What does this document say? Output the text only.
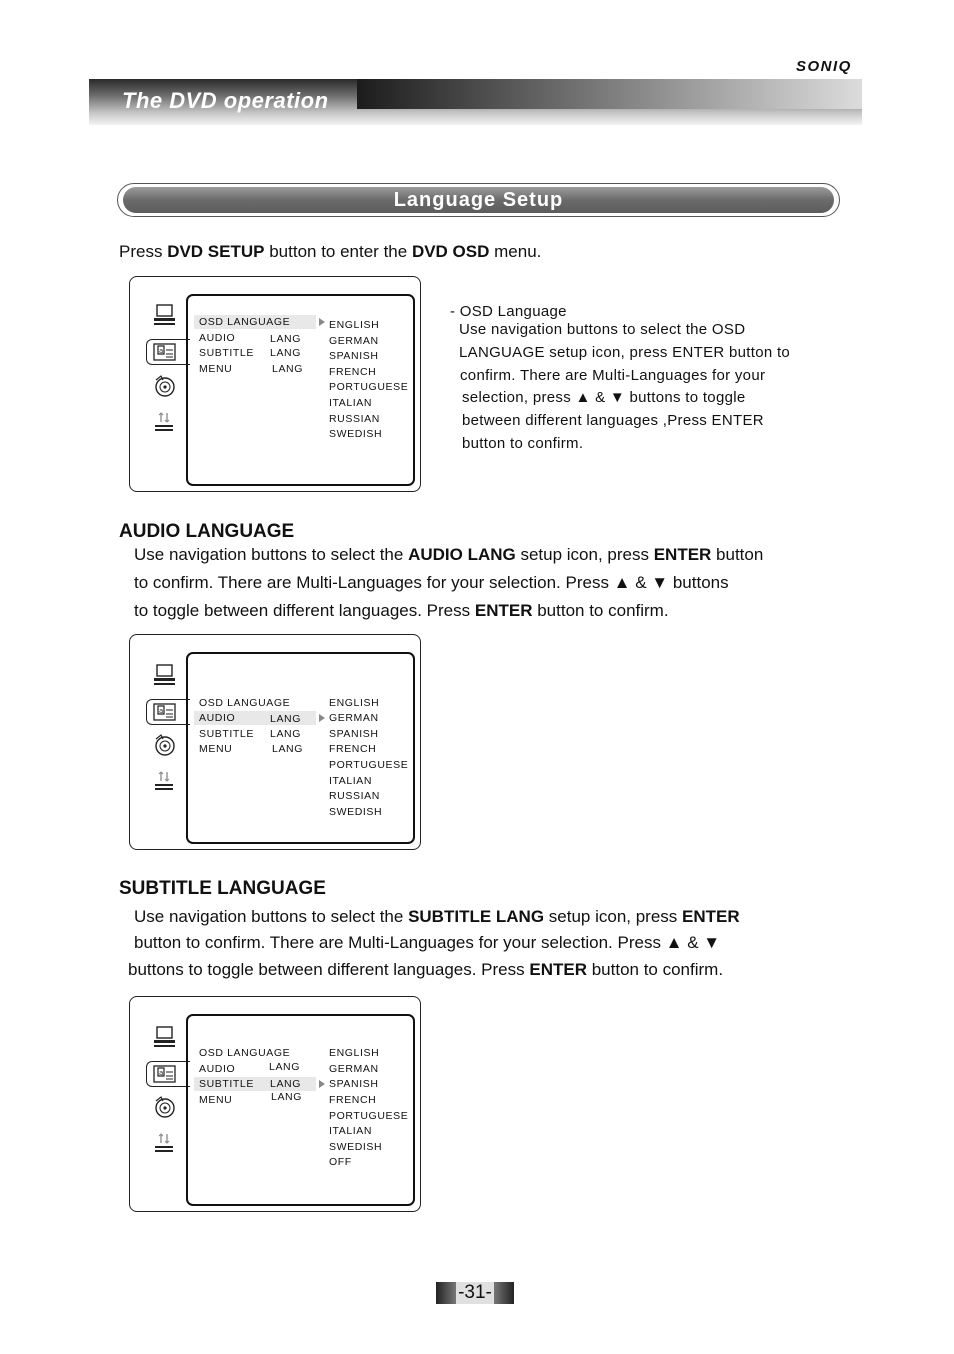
SONIQ
The DVD operation
Language Setup
Press DVD SETUP button to enter the DVD OSD menu.
a
OSD LANGUAGE
AUDIO	LANG
SUBTITLE LANG
MENU	LANG
ENGLISH
GERMAN
SPANISH
FRENCH
PORTUGUESE
ITALIAN
RUSSIAN
SWEDISH
- OSD Language
Use navigation buttons to select the OSD
LANGUAGE setup icon, press ENTER button to
confirm. There are Multi-Languages for your
selection, press ▲ & ▼ buttons to toggle
between different languages ,Press ENTER
button to confirm.
AUDIO LANGUAGE
Use navigation buttons to select the AUDIO LANG setup icon, press ENTER button
to confirm. There are Multi-Languages for your selection. Press ▲ & ▼ buttons
to toggle between different languages. Press ENTER button to confirm.
a
OSD LANGUAGE
AUDIO	LANG
SUBTITLE LANG
MENU	LANG
ENGLISH
GERMAN
SPANISH
FRENCH
PORTUGUESE
ITALIAN
RUSSIAN
SWEDISH
SUBTITLE LANGUAGE
Use navigation buttons to select the SUBTITLE LANG setup icon, press ENTER
button to confirm. There are Multi-Languages for your selection. Press ▲ & ▼
buttons to toggle between different languages. Press ENTER button to confirm.
a
OSD LANGUAGE
AUDIO	LANG
SUBTITLE LANG
MENU	LANG
ENGLISH
GERMAN
SPANISH
FRENCH
PORTUGUESE
ITALIAN
SWEDISH
OFF
-31-
